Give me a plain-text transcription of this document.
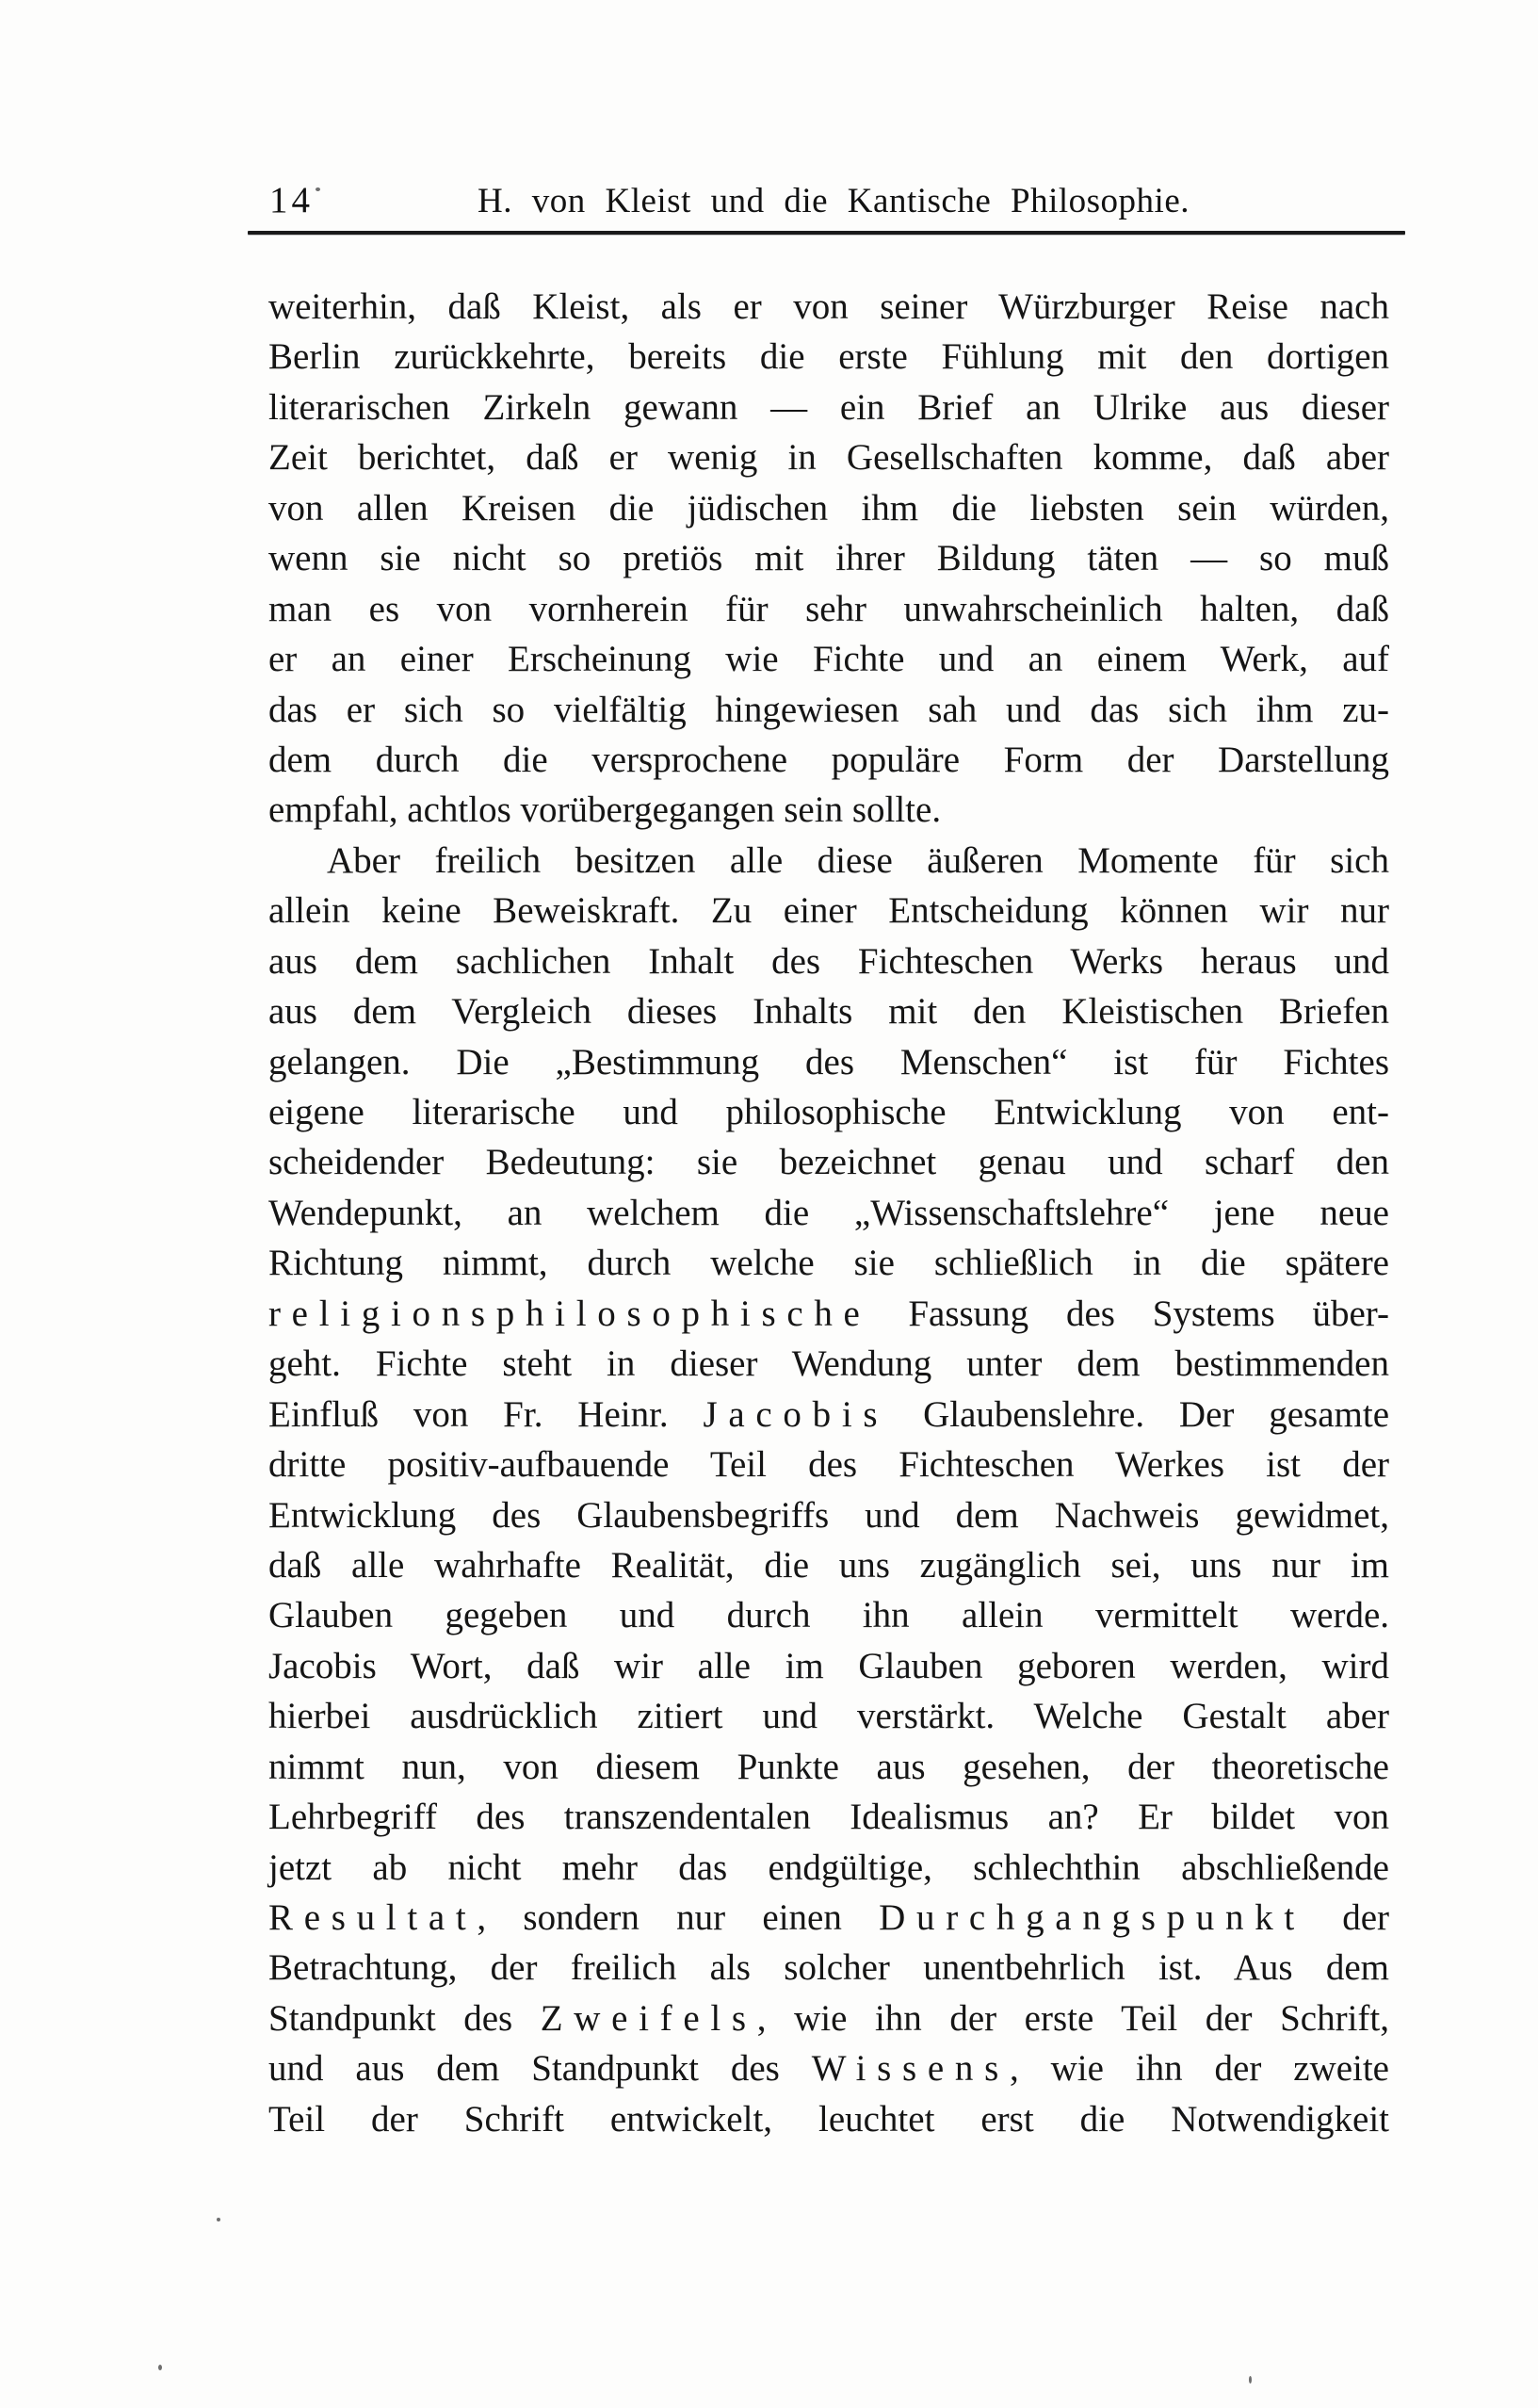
14	H. von Kleist und die Kantische Philosophie.
weiterhin, daß Kleist, als er von seiner Würzburger Reise nach
Berlin zurückkehrte, bereits die erste Fühlung mit den dortigen
literarischen Zirkeln gewann — ein Brief an Ulrike aus dieser
Zeit berichtet, daß er wenig in Gesellschaften komme, daß aber
von allen Kreisen die jüdischen ihm die liebsten sein würden,
wenn sie nicht so pretiös mit ihrer Bildung täten — so muß
man es von vornherein für sehr unwahrscheinlich halten, daß
er an einer Erscheinung wie Fichte und an einem Werk, auf
das er sich so vielfältig hingewiesen sah und das sich ihm zu-
dem durch die versprochene populäre Form der Darstellung
empfahl, achtlos vorübergegangen sein sollte.
Aber freilich besitzen alle diese äußeren Momente für sich
allein keine Beweiskraft. Zu einer Entscheidung können wir nur
aus dem sachlichen Inhalt des Fichteschen Werks heraus und
aus dem Vergleich dieses Inhalts mit den Kleistischen Briefen
gelangen. Die „Bestimmung des Menschen“ ist für Fichtes
eigene literarische und philosophische Entwicklung von ent-
scheidender Bedeutung: sie bezeichnet genau und scharf den
Wendepunkt, an welchem die „Wissenschaftslehre“ jene neue
Richtung nimmt, durch welche sie schließlich in die spätere
religionsphilosophische Fassung des Systems über-
geht. Fichte steht in dieser Wendung unter dem bestimmenden
Einfluß von Fr. Heinr. Jacobis Glaubenslehre. Der gesamte
dritte positiv-aufbauende Teil des Fichteschen Werkes ist der
Entwicklung des Glaubensbegriffs und dem Nachweis gewidmet,
daß alle wahrhafte Realität, die uns zugänglich sei, uns nur im
Glauben gegeben und durch ihn allein vermittelt werde.
Jacobis Wort, daß wir alle im Glauben geboren werden, wird
hierbei ausdrücklich zitiert und verstärkt. Welche Gestalt aber
nimmt nun, von diesem Punkte aus gesehen, der theoretische
Lehrbegriff des transzendentalen Idealismus an? Er bildet von
jetzt ab nicht mehr das endgültige, schlechthin abschließende
Resultat, sondern nur einen Durchgangspunkt der
Betrachtung, der freilich als solcher unentbehrlich ist. Aus dem
Standpunkt des Zweifels, wie ihn der erste Teil der Schrift,
und aus dem Standpunkt des Wissens, wie ihn der zweite
Teil der Schrift entwickelt, leuchtet erst die Notwendigkeit
